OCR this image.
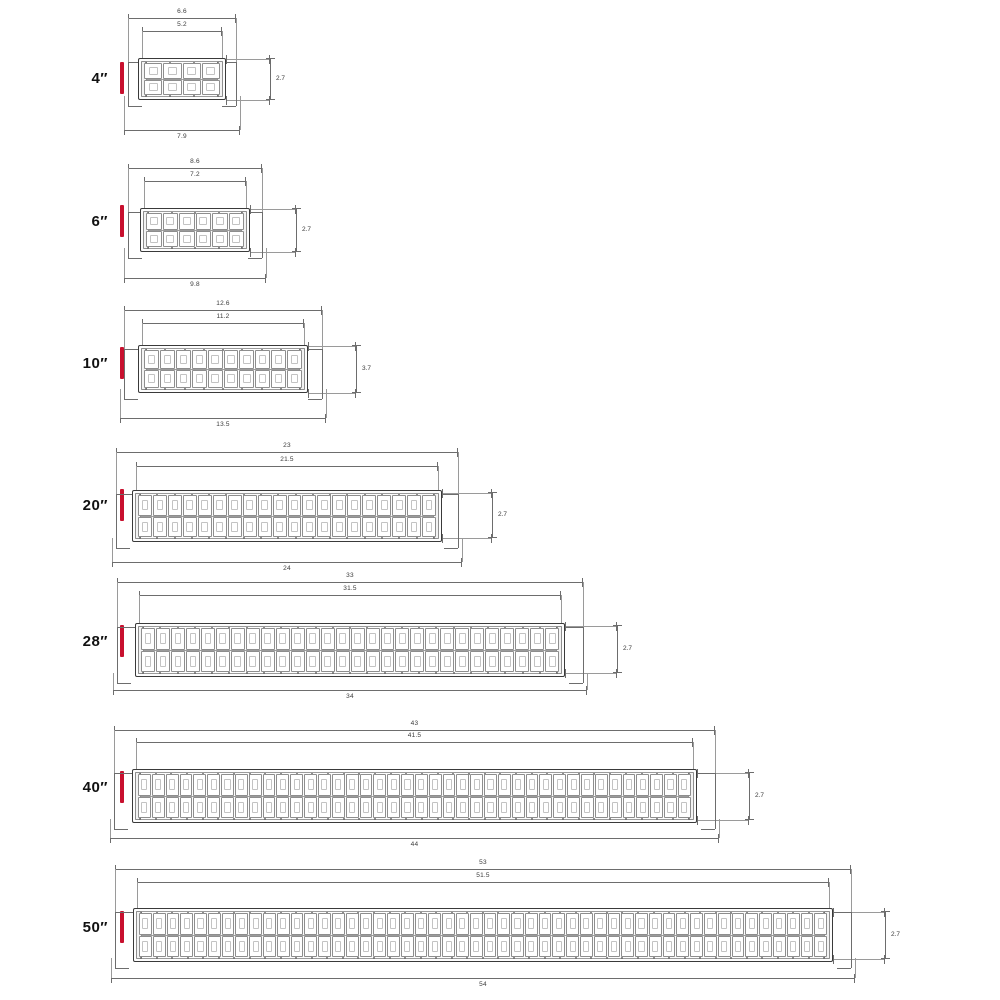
4″
6.6
5.2
7.9
2.7
6″
8.6
7.2
9.8
2.7
10″
12.6
11.2
13.5
3.7
20″
23
21.5
24
2.7
28″
33
31.5
34
2.7
40″
43
41.5
44
2.7
50″
53
51.5
54
2.7
